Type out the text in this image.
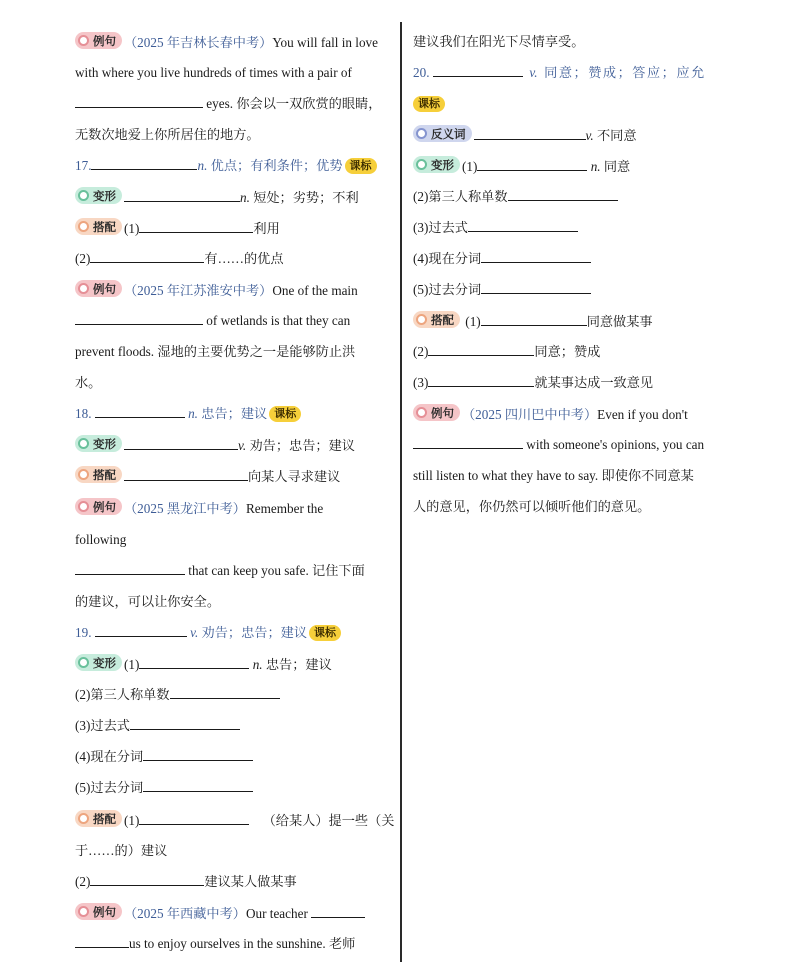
例句 （2025 年吉林长春中考）You will fall in love
with where you live hundreds of times with a pair of
eyes. 你会以一双欣赏的眼睛，
无数次地爱上你所居住的地方。
17.	n. 优点；有利条件；优势 课标
变形	n. 短处；劣势；不利
搭配 (1)	利用
(2)	有……的优点
例句 （2025 年江苏淮安中考）One of the main
of wetlands is that they can
prevent floods. 湿地的主要优势之一是能够防止洪
水。
18.	n. 忠告；建议 课标
变形	v. 劝告；忠告；建议
搭配	向某人寻求建议
例句 （2025 黑龙江中考）Remember the
following
that can keep you safe. 记住下面
的建议，可以让你安全。
19.	v. 劝告；忠告；建议 课标
变形 (1)	n. 忠告；建议
(2)第三人称单数
(3)过去式
(4)现在分词
(5)过去分词
搭配 (1)	（给某人）提一些（关
于……的）建议
(2)	建议某人做某事
例句 （2025 年西藏中考）Our teacher
us to enjoy ourselves in the sunshine. 老师
建议我们在阳光下尽情享受。
20.	v. 同意；赞成；答应；应允
课标
反义词	v. 不同意
变形 (1)	n. 同意
(2)第三人称单数
(3)过去式
(4)现在分词
(5)过去分词
搭配 (1)	同意做某事
(2)	同意；赞成
(3)	就某事达成一致意见
例句 （2025 四川巴中中考）Even if you don't
with someone's opinions, you can
still listen to what they have to say. 即使你不同意某
人的意见，你仍然可以倾听他们的意见。
